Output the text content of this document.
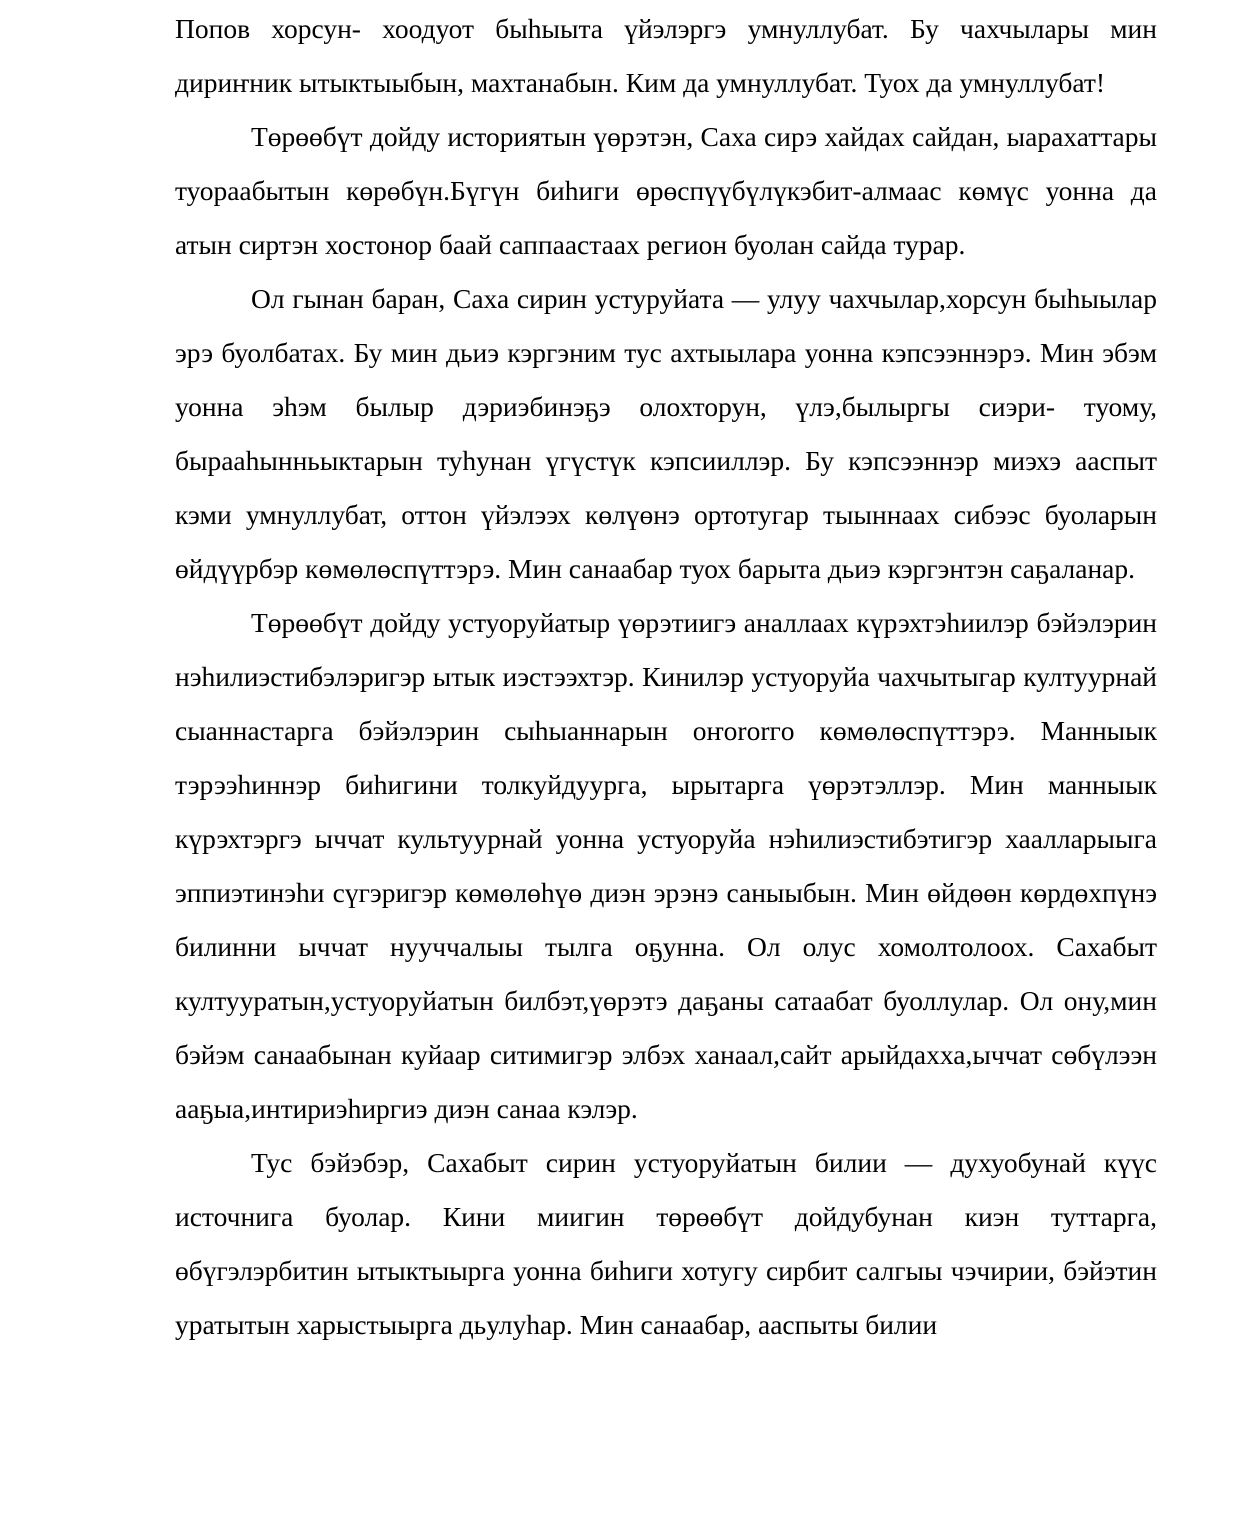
Попов хорсун- хоодуот быһыыта үйэлэргэ умнуллубат. Бу чахчылары мин дириҥник ытыктыыбын, махтанабын. Ким да умнуллубат. Туох да умнуллубат!

Төрөөбүт дойду историятын үөрэтэн, Саха сирэ хайдах сайдан, ыарахаттары туораабытын көрөбүн.Бүгүн биһиги өрөспүүбүлүкэбит-алмаас көмүс уонна да атын сиртэн хостонор баай саппаастаах регион буолан сайда турар.

Ол гынан баран, Саха сирин устуруйата — улуу чахчылар,хорсун быһыылар эрэ буолбатах. Бу мин дьиэ кэргэним тус ахтыылара уонна кэпсээннэрэ. Мин эбэм уонна эһэм былыр дэриэбинэҕэ олохторун, үлэ,былыргы сиэри- туому, бырааһынньыктарын туһунан үгүстүк кэпсииллэр. Бу кэпсээннэр миэхэ ааспыт кэми умнуллубат, оттон үйэлээх көлүөнэ ортотугар тыыннаах сибээс буоларын өйдүүрбэр көмөлөспүттэрэ. Мин санаабар туох барыта дьиэ кэргэнтэн саҕаланар.

Төрөөбүт дойду устуоруйатыр үөрэтиигэ аналлаах күрэхтэһиилэр бэйэлэрин нэһилиэстибэлэригэр ытык иэстээхтэр. Кинилэр устуоруйа чахчытыгар култуурнай сыаннастарга бэйэлэрин сыһыаннарын оҥororгo көмөлөспүттэрэ. Манныык тэрээһиннэр биһигини толкуйдуурга, ырытарга үөрэтэллэр. Мин манныык күрэхтэргэ ыччат культуурнай уонна устуоруйа нэһилиэстибэтигэр хаалларыыга эппиэтинэһи сүгэригэр көмөлөһүө диэн эрэнэ саныыбын. Мин өйдөөн көрдөхпүнэ билинни ыччат нууччалыы тылга оҕунна. Ол олус хомолтолоох. Сахабыт култууратын,устуоруйатын билбэт,үөрэтэ даҕаны сатаабат буоллулар. Ол ону,мин бэйэм санаабынан куйаар ситимигэр элбэх ханаал,сайт арыйдахха,ыччат сөбүлээн ааҕыа,интириэһиргиэ диэн санаа кэлэр.

Тус бэйэбэр, Сахабыт сирин устуоруйатын билии — духуобунай күүс источнига буолар. Кини миигин төрөөбүт дойдубунан киэн туттарга, өбүгэлэрбитин ытыктыырга уонна биһиги хотугу сирбит салгыы чэчирии, бэйэтин уратытын харыстыырга дьулуһар. Мин санаабар, ааспыты билии
